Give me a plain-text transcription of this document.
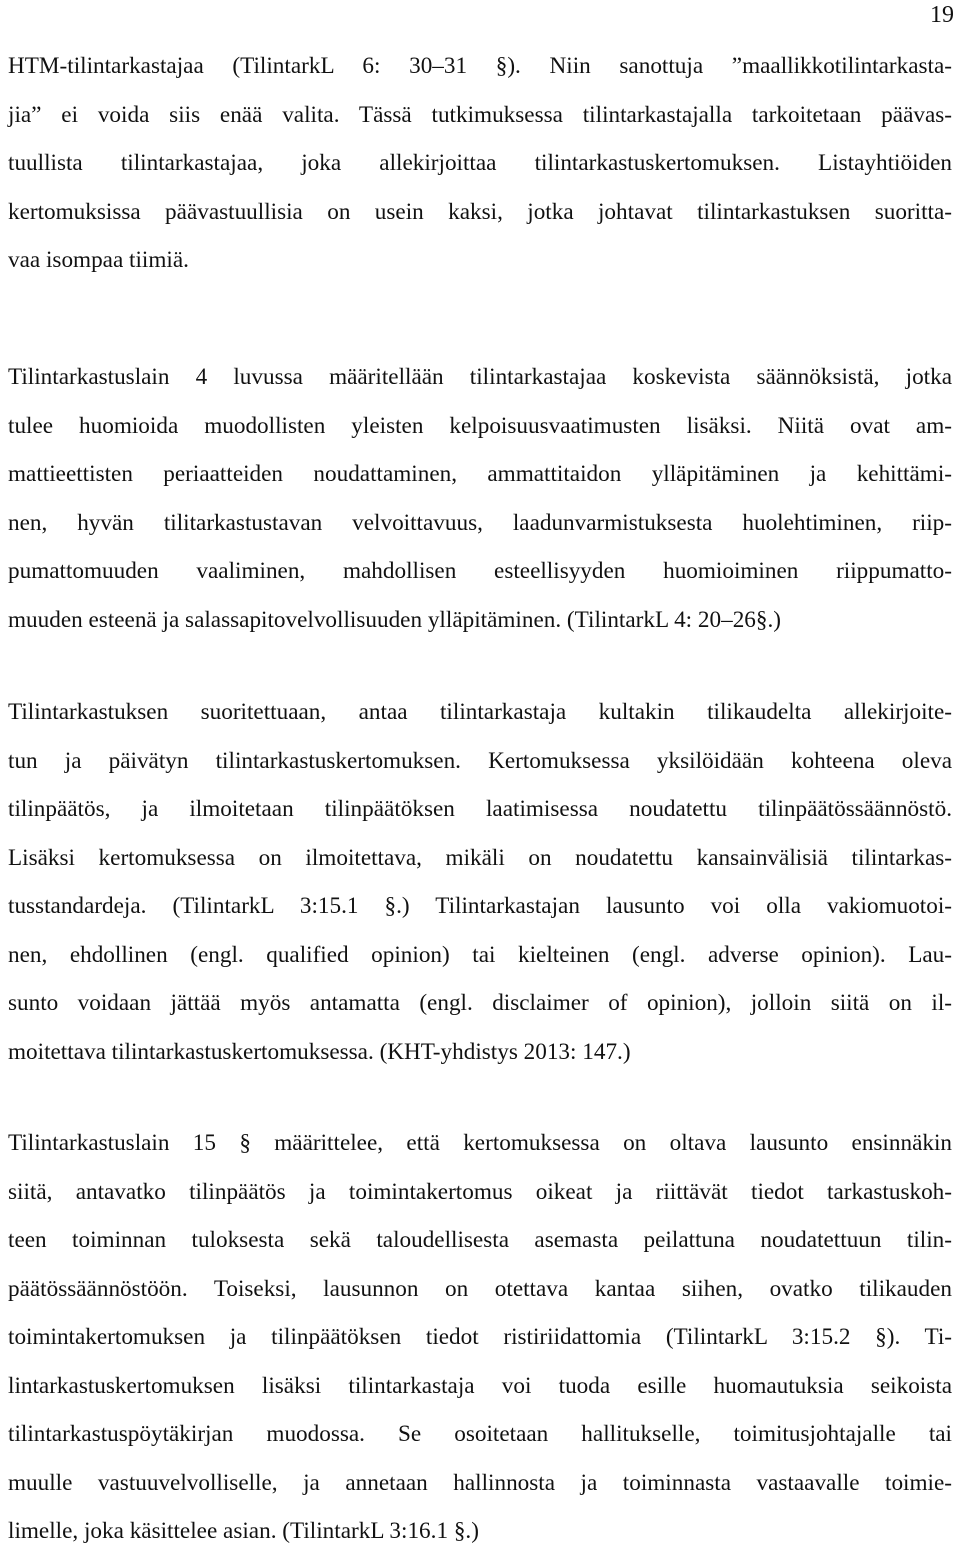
19
HTM-tilintarkastajaa (TilintarkL 6: 30–31 §). Niin sanottuja ”maallikkotilintarkasta-
jia” ei voida siis enää valita. Tässä tutkimuksessa tilintarkastajalla tarkoitetaan päävas-
tuullista tilintarkastajaa, joka allekirjoittaa tilintarkastuskertomuksen. Listayhtiöiden
kertomuksissa päävastuullisia on usein kaksi, jotka johtavat tilintarkastuksen suoritta-
vaa isompaa tiimiä.
Tilintarkastuslain 4 luvussa määritellään tilintarkastajaa koskevista säännöksistä, jotka
tulee huomioida muodollisten yleisten kelpoisuusvaatimusten lisäksi. Niitä ovat am-
mattieettisten periaatteiden noudattaminen, ammattitaidon ylläpitäminen ja kehittämi-
nen, hyvän tilitarkastustavan velvoittavuus, laadunvarmistuksesta huolehtiminen, riip-
pumattomuuden vaaliminen, mahdollisen esteellisyyden huomioiminen riippumatto-
muuden esteenä ja salassapitovelvollisuuden ylläpitäminen. (TilintarkL 4: 20–26§.)
Tilintarkastuksen suoritettuaan, antaa tilintarkastaja kultakin tilikaudelta allekirjoite-
tun ja päivätyn tilintarkastuskertomuksen. Kertomuksessa yksilöidään kohteena oleva
tilinpäätös, ja ilmoitetaan tilinpäätöksen laatimisessa noudatettu tilinpäätössäännöstö.
Lisäksi kertomuksessa on ilmoitettava, mikäli on noudatettu kansainvälisiä tilintarkas-
tusstandardeja. (TilintarkL 3:15.1 §.) Tilintarkastajan lausunto voi olla vakiomuotoi-
nen, ehdollinen (engl. qualified opinion) tai kielteinen (engl. adverse opinion). Lau-
sunto voidaan jättää myös antamatta (engl. disclaimer of opinion), jolloin siitä on il-
moitettava tilintarkastuskertomuksessa. (KHT-yhdistys 2013: 147.)
Tilintarkastuslain 15 § määrittelee, että kertomuksessa on oltava lausunto ensinnäkin
siitä, antavatko tilinpäätös ja toimintakertomus oikeat ja riittävät tiedot tarkastuskoh-
teen toiminnan tuloksesta sekä taloudellisesta asemasta peilattuna noudatettuun tilin-
päätössäännöstöön. Toiseksi, lausunnon on otettava kantaa siihen, ovatko tilikauden
toimintakertomuksen ja tilinpäätöksen tiedot ristiriidattomia (TilintarkL 3:15.2 §). Ti-
lintarkastuskertomuksen lisäksi tilintarkastaja voi tuoda esille huomautuksia seikoista
tilintarkastuspöytäkirjan muodossa. Se osoitetaan hallitukselle, toimitusjohtajalle tai
muulle vastuuvelvolliselle, ja annetaan hallinnosta ja toiminnasta vastaavalle toimie-
limelle, joka käsittelee asian. (TilintarkL 3:16.1 §.)
